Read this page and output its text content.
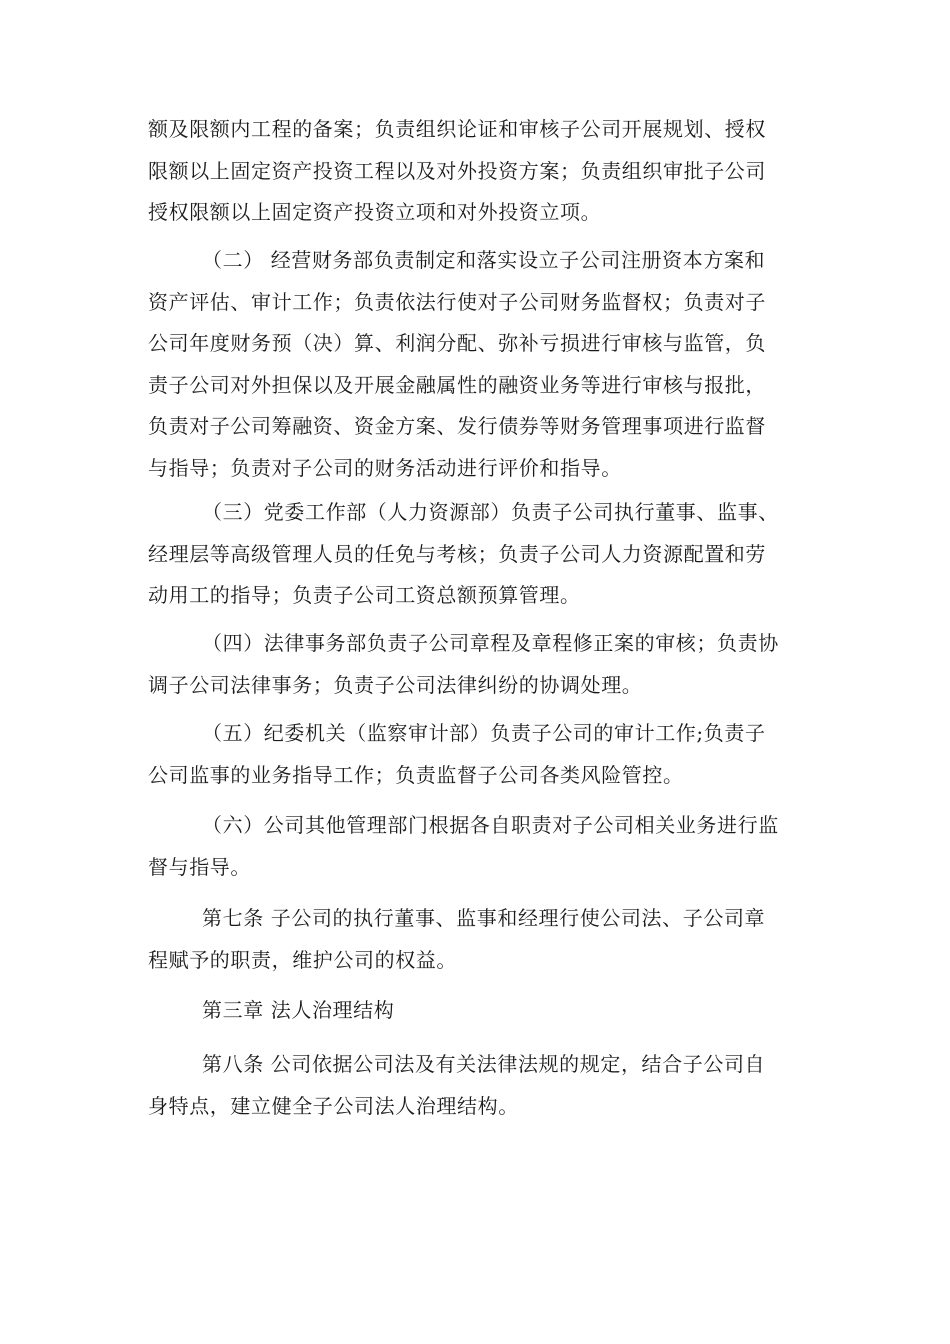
额及限额内工程的备案；负责组织论证和审核子公司开展规划、授权
限额以上固定资产投资工程以及对外投资方案；负责组织审批子公司
授权限额以上固定资产投资立项和对外投资立项。

（二） 经营财务部负责制定和落实设立子公司注册资本方案和
资产评估、审计工作；负责依法行使对子公司财务监督权；负责对子
公司年度财务预（决）算、利润分配、弥补亏损进行审核与监管，负
责子公司对外担保以及开展金融属性的融资业务等进行审核与报批，
负责对子公司筹融资、资金方案、发行债券等财务管理事项进行监督
与指导；负责对子公司的财务活动进行评价和指导。

（三）党委工作部（人力资源部）负责子公司执行董事、监事、
经理层等高级管理人员的任免与考核；负责子公司人力资源配置和劳
动用工的指导；负责子公司工资总额预算管理。

（四）法律事务部负责子公司章程及章程修正案的审核；负责协
调子公司法律事务；负责子公司法律纠纷的协调处理。

（五）纪委机关（监察审计部）负责子公司的审计工作;负责子
公司监事的业务指导工作；负责监督子公司各类风险管控。

（六）公司其他管理部门根据各自职责对子公司相关业务进行监
督与指导。

第七条 子公司的执行董事、监事和经理行使公司法、子公司章
程赋予的职责，维护公司的权益。

第三章 法人治理结构

第八条 公司依据公司法及有关法律法规的规定，结合子公司自
身特点，建立健全子公司法人治理结构。
